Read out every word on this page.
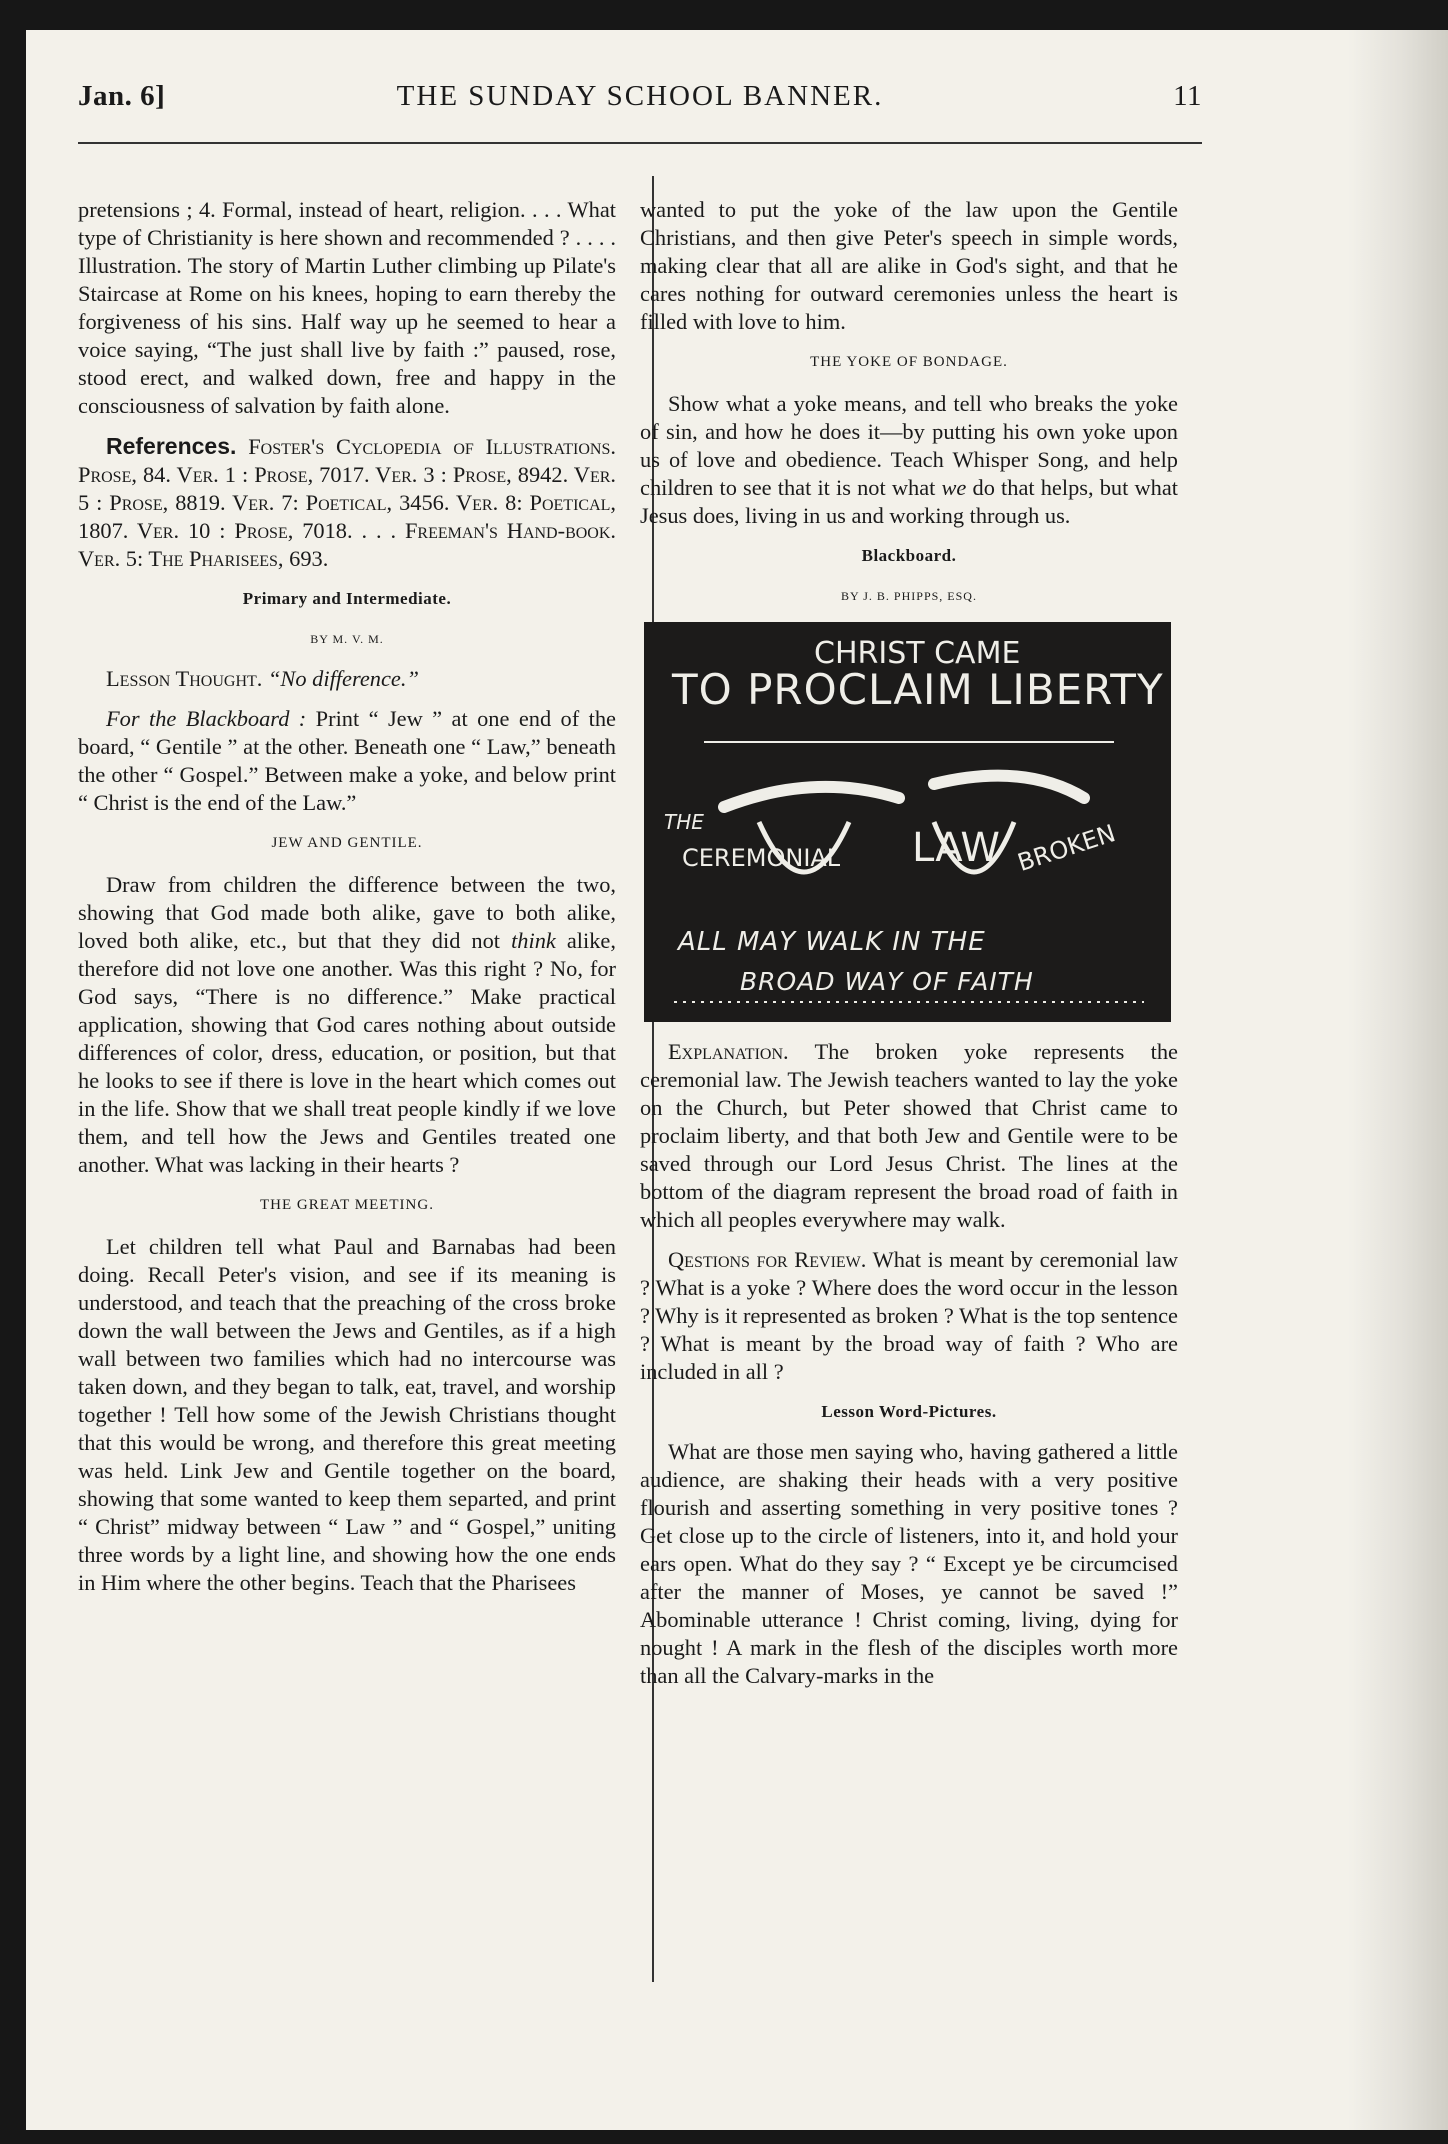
Jan. 6]	THE SUNDAY SCHOOL BANNER.	11

pretensions ; 4. Formal, instead of heart, religion. . . . What type of Christianity is here shown and recommended ? . . . . Illustration. The story of Martin Luther climbing up Pilate's Staircase at Rome on his knees, hoping to earn thereby the forgiveness of his sins. Half way up he seemed to hear a voice saying, “The just shall live by faith :” paused, rose, stood erect, and walked down, free and happy in the consciousness of salvation by faith alone.

References. Foster's Cyclopedia of Illustrations. Prose, 84. Ver. 1 : Prose, 7017. Ver. 3 : Prose, 8942. Ver. 5 : Prose, 8819. Ver. 7: Poetical, 3456. Ver. 8: Poetical, 1807. Ver. 10 : Prose, 7018. . . . Freeman's Hand-book. Ver. 5: The Pharisees, 693.

Primary and Intermediate.
BY M. V. M.

Lesson Thought. “No difference.”

For the Blackboard : Print “ Jew ” at one end of the board, “ Gentile ” at the other. Beneath one “ Law,” beneath the other “ Gospel.” Between make a yoke, and below print “ Christ is the end of the Law.”

JEW AND GENTILE.

Draw from children the difference between the two, showing that God made both alike, gave to both alike, loved both alike, etc., but that they did not think alike, therefore did not love one another. Was this right ? No, for God says, “There is no difference.” Make practical application, showing that God cares nothing about outside differences of color, dress, education, or position, but that he looks to see if there is love in the heart which comes out in the life. Show that we shall treat people kindly if we love them, and tell how the Jews and Gentiles treated one another. What was lacking in their hearts ?

THE GREAT MEETING.

Let children tell what Paul and Barnabas had been doing. Recall Peter's vision, and see if its meaning is understood, and teach that the preaching of the cross broke down the wall between the Jews and Gentiles, as if a high wall between two families which had no intercourse was taken down, and they began to talk, eat, travel, and worship together ! Tell how some of the Jewish Christians thought that this would be wrong, and therefore this great meeting was held. Link Jew and Gentile together on the board, showing that some wanted to keep them separted, and print “ Christ” midway between “ Law ” and “ Gospel,” uniting three words by a light line, and showing how the one ends in Him where the other begins. Teach that the Pharisees

wanted to put the yoke of the law upon the Gentile Christians, and then give Peter's speech in simple words, making clear that all are alike in God's sight, and that he cares nothing for outward ceremonies unless the heart is filled with love to him.

THE YOKE OF BONDAGE.

Show what a yoke means, and tell who breaks the yoke of sin, and how he does it—by putting his own yoke upon us of love and obedience. Teach Whisper Song, and help children to see that it is not what we do that helps, but what Jesus does, living in us and working through us.

Blackboard.
BY J. B. PHIPPS, ESQ.
CHRIST CAME
TO PROCLAIM LIBERTY
THE
CEREMONIAL LAW BROKEN
ALL MAY WALK IN THE
BROAD WAY OF FAITH

Explanation. The broken yoke represents the ceremonial law. The Jewish teachers wanted to lay the yoke on the Church, but Peter showed that Christ came to proclaim liberty, and that both Jew and Gentile were to be saved through our Lord Jesus Christ. The lines at the bottom of the diagram represent the broad road of faith in which all peoples everywhere may walk.

Qestions for Review. What is meant by ceremonial law ? What is a yoke ? Where does the word occur in the lesson ? Why is it represented as broken ? What is the top sentence ? What is meant by the broad way of faith ? Who are included in all ?

Lesson Word-Pictures.

What are those men saying who, having gathered a little audience, are shaking their heads with a very positive flourish and asserting something in very positive tones ? Get close up to the circle of listeners, into it, and hold your ears open. What do they say ? “ Except ye be circumcised after the manner of Moses, ye cannot be saved !” Abominable utterance ! Christ coming, living, dying for nought ! A mark in the flesh of the disciples worth more than all the Calvary-marks in the
